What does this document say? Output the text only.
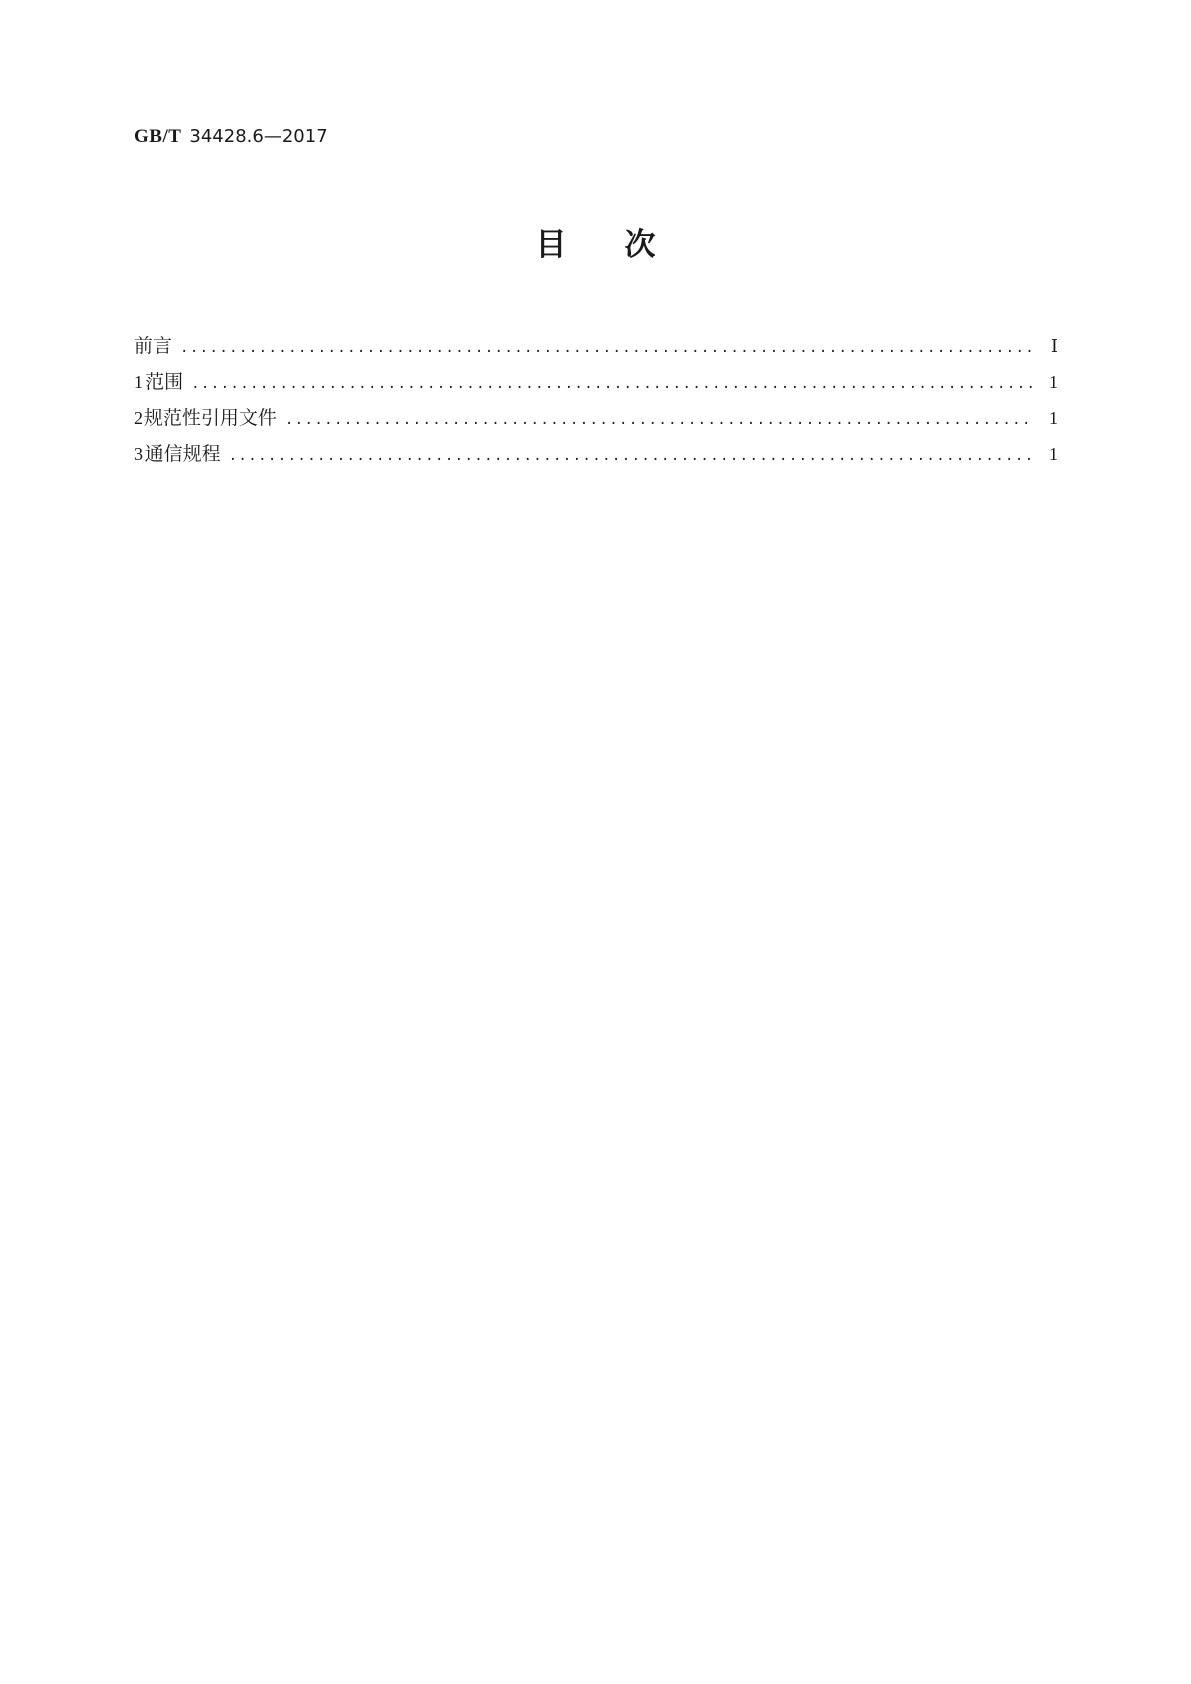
GB/T 34428.6—2017
目 次
前言 .....	Ⅰ
1 范围 .....	1
2 规范性引用文件 .....	1
3 通信规程 .....	1
